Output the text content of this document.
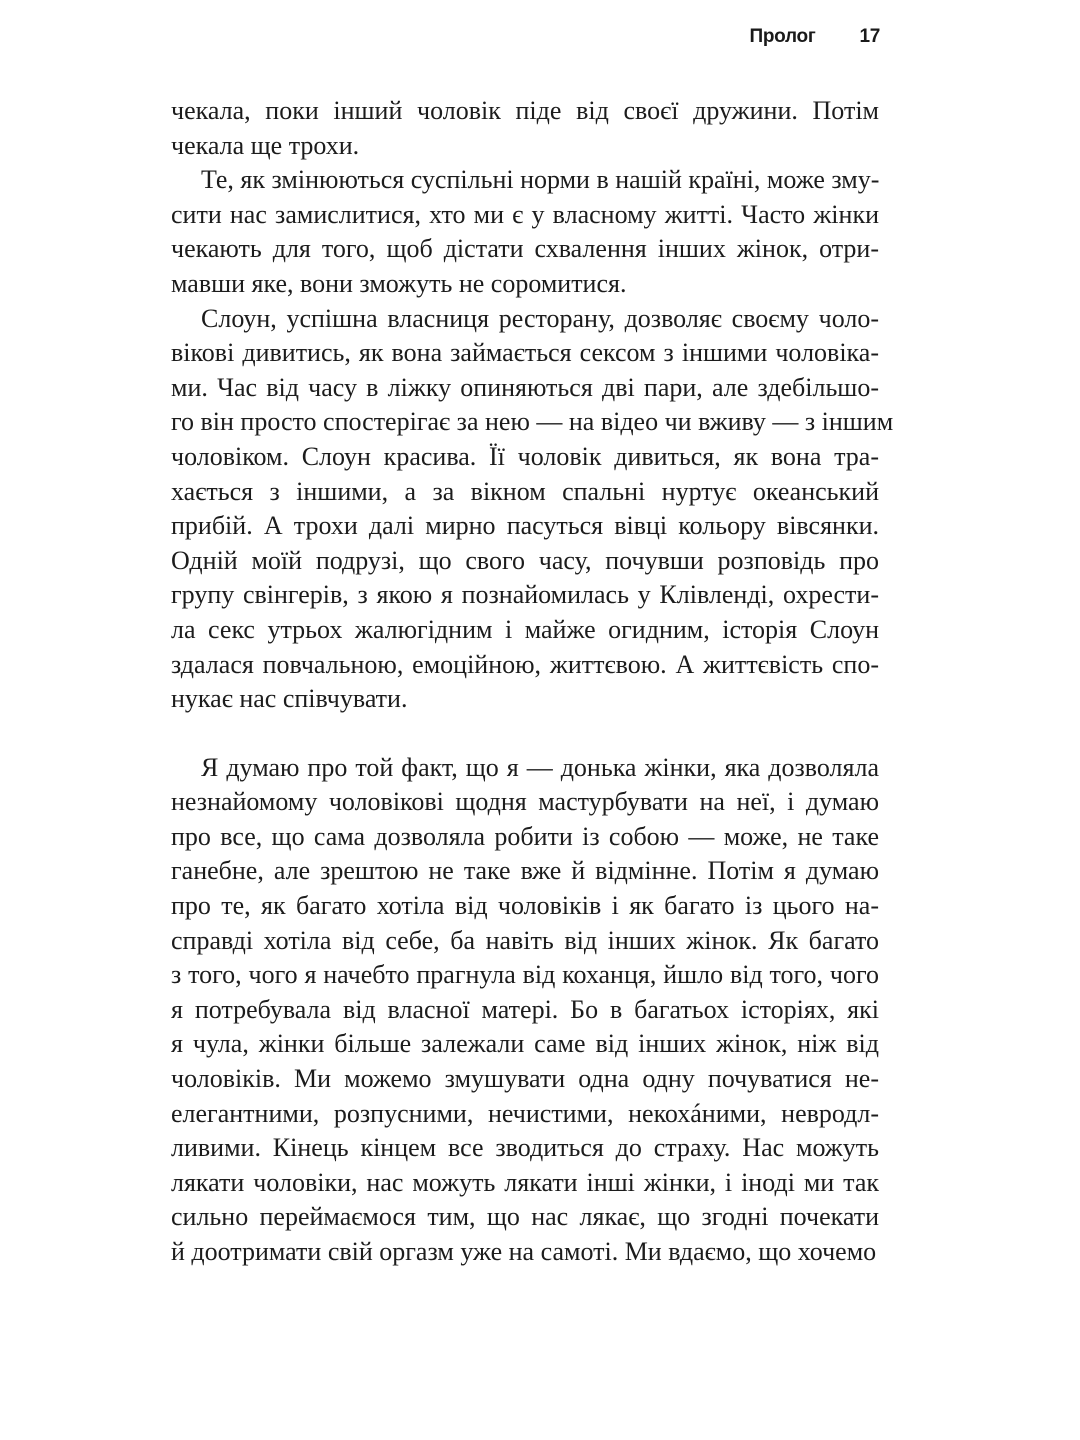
Пролог 17
чекала, поки інший чоловік піде від своєї дружини. Потім
чекала ще трохи.
Те, як змінюються суспільні норми в нашій країні, може зму-
сити нас замислитися, хто ми є у власному житті. Часто жінки
чекають для того, щоб дістати схвалення інших жінок, отри-
мавши яке, вони зможуть не соромитися.
Слоун, успішна власниця ресторану, дозволяє своєму чоло-
вікові дивитись, як вона займається сексом з іншими чоловіка-
ми. Час від часу в ліжку опиняються дві пари, але здебільшо-
го він просто спостерігає за нею — на відео чи вживу — з іншим
чоловіком. Слоун красива. Її чоловік дивиться, як вона тра-
хається з іншими, а за вікном спальні нуртує океанський
прибій. А трохи далі мирно пасуться вівці кольору вівсянки.
Одній моїй подрузі, що свого часу, почувши розповідь про
групу свінгерів, з якою я познайомилась у Клівленді, охрести-
ла секс утрьох жалюгідним і майже огидним, історія Слоун
здалася повчальною, емоційною, життєвою. А життєвість спо-
нукає нас співчувати.
Я думаю про той факт, що я — донька жінки, яка дозволяла
незнайомому чоловікові щодня мастурбувати на неї, і думаю
про все, що сама дозволяла робити із собою — може, не таке
ганебне, але зрештою не таке вже й відмінне. Потім я думаю
про те, як багато хотіла від чоловіків і як багато із цього на-
справді хотіла від себе, ба навіть від інших жінок. Як багато
з того, чого я начебто прагнула від коханця, йшло від того, чого
я потребувала від власної матері. Бо в багатьох історіях, які
я чула, жінки більше залежали саме від інших жінок, ніж від
чоловіків. Ми можемо змушувати одна одну почуватися не-
елегантними, розпусними, нечистими, некохáними, невродл-
ливими. Кінець кінцем все зводиться до страху. Нас можуть
лякати чоловіки, нас можуть лякати інші жінки, і іноді ми так
сильно переймаємося тим, що нас лякає, що згодні почекати
й доотримати свій оргазм уже на самоті. Ми вдаємо, що хочемо
